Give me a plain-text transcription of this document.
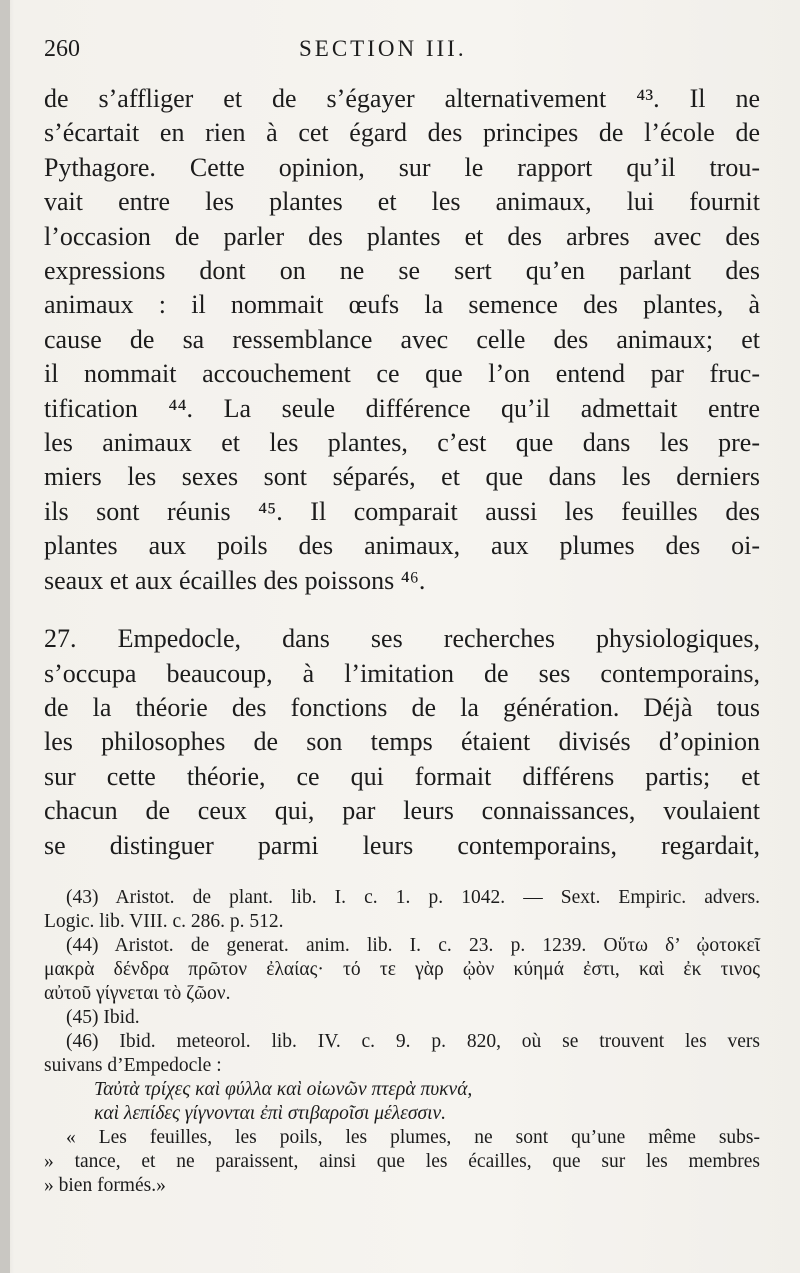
260	SECTION III.
de s’affliger et de s’égayer alternativement ⁴³. Il ne
s’écartait en rien à cet égard des principes de l’école de
Pythagore. Cette opinion, sur le rapport qu’il trou-
vait entre les plantes et les animaux, lui fournit
l’occasion de parler des plantes et des arbres avec des
expressions dont on ne se sert qu’en parlant des
animaux : il nommait œufs la semence des plantes, à
cause de sa ressemblance avec celle des animaux; et
il nommait accouchement ce que l’on entend par fruc-
tification ⁴⁴. La seule différence qu’il admettait entre
les animaux et les plantes, c’est que dans les pre-
miers les sexes sont séparés, et que dans les derniers
ils sont réunis ⁴⁵. Il comparait aussi les feuilles des
plantes aux poils des animaux, aux plumes des oi-
seaux et aux écailles des poissons ⁴⁶.
27. Empedocle, dans ses recherches physiologiques,
s’occupa beaucoup, à l’imitation de ses contemporains,
de la théorie des fonctions de la génération. Déjà tous
les philosophes de son temps étaient divisés d’opinion
sur cette théorie, ce qui formait différens partis; et
chacun de ceux qui, par leurs connaissances, voulaient
se distinguer parmi leurs contemporains, regardait,
(43) Aristot. de plant. lib. I. c. 1. p. 1042. — Sext. Empiric. advers.
Logic. lib. VIII. c. 286. p. 512.
(44) Aristot. de generat. anim. lib. I. c. 23. p. 1239. Οὕτω δ’ ᾠοτοκεῖ
μακρὰ δένδρα πρῶτον ἐλαίας· τό τε γὰρ ᾠὸν κύημά ἐστι, καὶ ἐκ τινος
αὐτοῦ γίγνεται τὸ ζῶον.
(45) Ibid.
(46) Ibid. meteorol. lib. IV. c. 9. p. 820, où se trouvent les vers
suivans d’Empedocle :
Ταὐτὰ τρίχες καὶ φύλλα καὶ οἰωνῶν πτερὰ πυκνά,
καὶ λεπίδες γίγνονται ἐπὶ στιβαροῖσι μέλεσσιν.
« Les feuilles, les poils, les plumes, ne sont qu’une même subs-
» tance, et ne paraissent, ainsi que les écailles, que sur les membres
» bien formés.»
